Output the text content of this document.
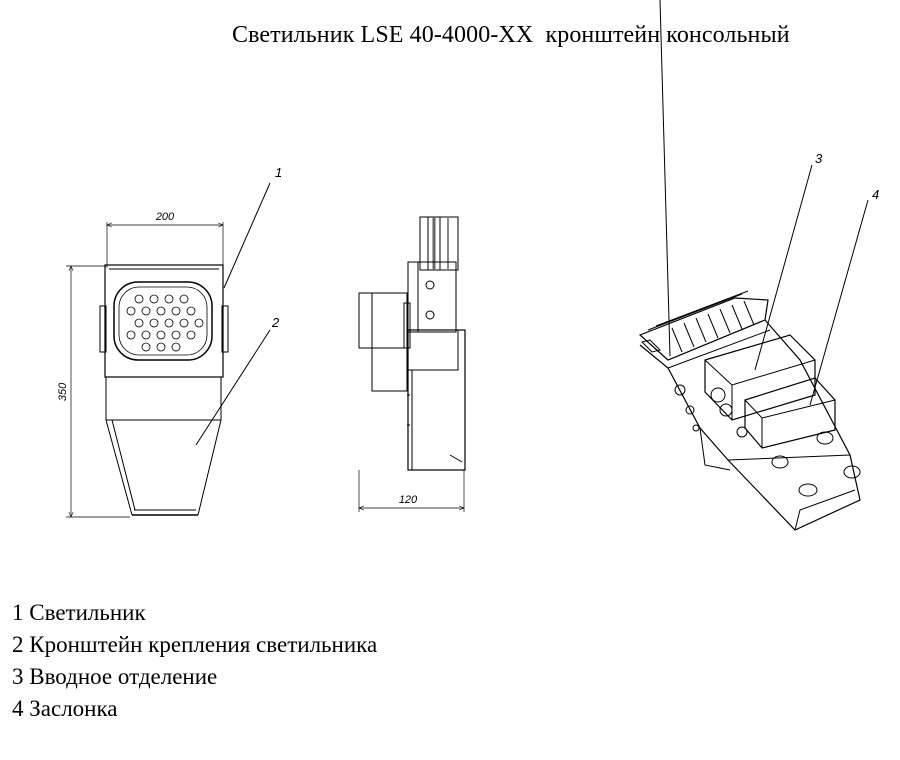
Светильник LSE 40-4000-XX  кронштейн консольный
200
350
1
2
120
3
4
1 Светильник
2 Кронштейн крепления светильника
3 Вводное отделение
4 Заслонка
